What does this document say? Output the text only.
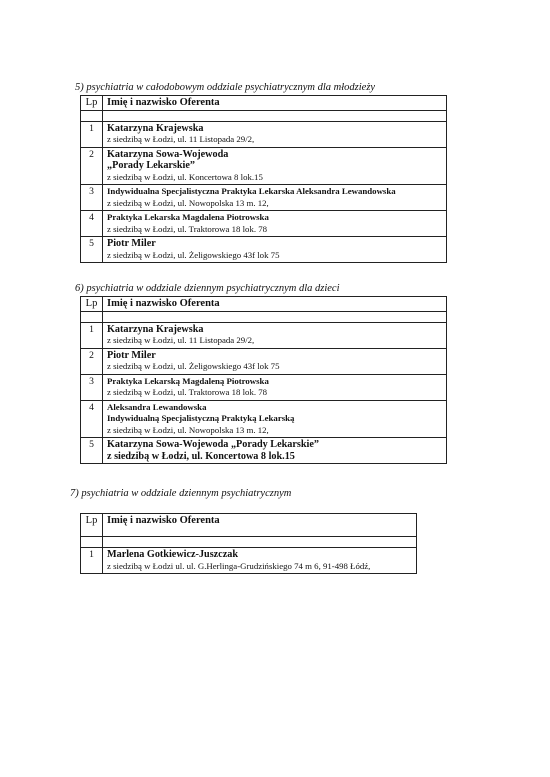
5) psychiatria w całodobowym oddziale psychiatrycznym dla młodzieży
Lp	Imię i nazwisko Oferenta

1	Katarzyna Krajewska
z siedzibą w Łodzi, ul. 11 Listopada 29/2,

2	Katarzyna Sowa-Wojewoda
„Porady Lekarskie”
z siedzibą w Łodzi, ul. Koncertowa 8 lok.15

3	Indywidualna Specjalistyczna Praktyka Lekarska Aleksandra Lewandowska
z siedzibą w Łodzi, ul. Nowopolska 13 m. 12,

4	Praktyka Lekarska Magdalena Piotrowska
z siedzibą w Łodzi, ul. Traktorowa 18 lok. 78

5	Piotr Miler
z siedzibą w Łodzi, ul. Żeligowskiego 43f lok 75
6) psychiatria w oddziale dziennym psychiatrycznym dla dzieci
Lp	Imię i nazwisko Oferenta

1	Katarzyna Krajewska
z siedzibą w Łodzi, ul. 11 Listopada 29/2,

2	Piotr Miler
z siedzibą w Łodzi, ul. Żeligowskiego 43f lok 75

3	Praktyka Lekarską Magdaleną Piotrowska
z siedzibą w Łodzi, ul. Traktorowa 18 lok. 78

4	Aleksandra Lewandowska
Indywidualną Specjalistyczną Praktyką Lekarską
z siedzibą w Łodzi, ul. Nowopolska 13 m. 12,

5	Katarzyna Sowa-Wojewoda „Porady Lekarskie”
z siedzibą w Łodzi, ul. Koncertowa 8 lok.15
7) psychiatria w oddziale dziennym psychiatrycznym
Lp	Imię i nazwisko Oferenta

1	Marlena Gotkiewicz-Juszczak
z siedzibą w Łodzi ul. ul. G.Herlinga-Grudzińskiego 74 m 6, 91-498 Łódź,
